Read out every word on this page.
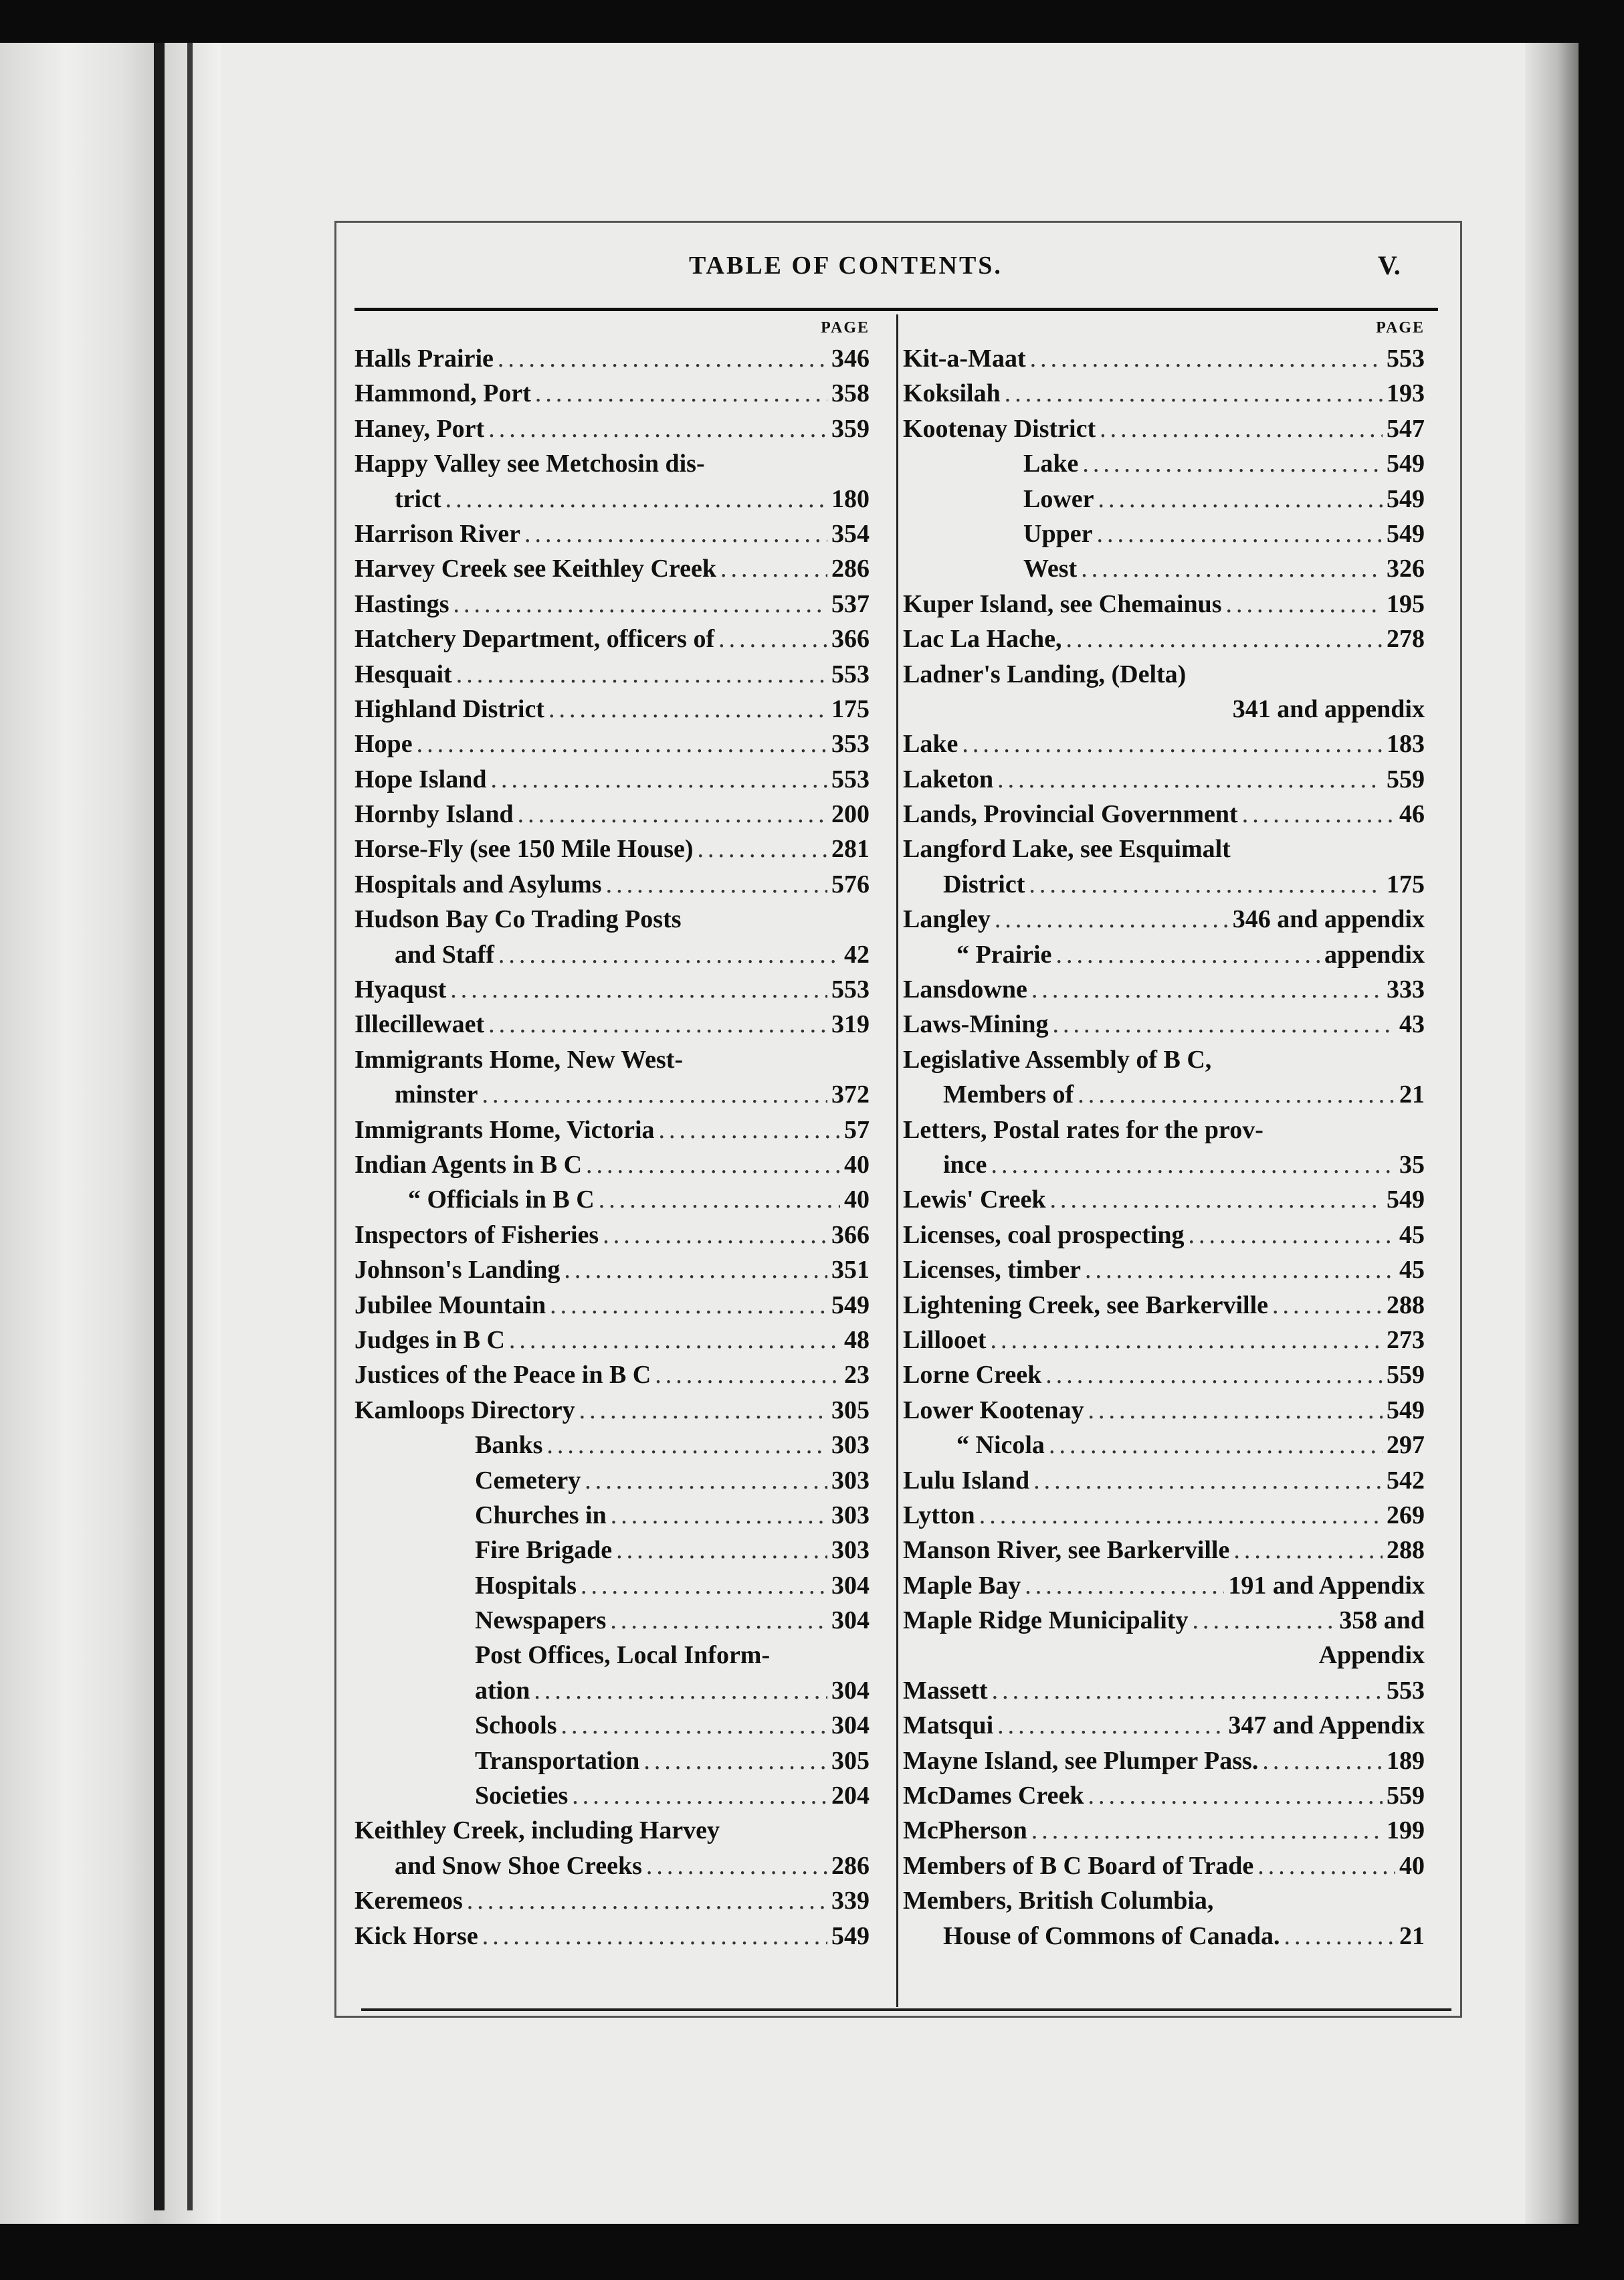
TABLE OF CONTENTS.	V.
PAGE
Halls Prairie .....	346
Hammond, Port .....	358
Haney, Port .....	359
Happy Valley see Metchosin dis-
trict .....	180
Harrison River .....	354
Harvey Creek see Keithley Creek .....	286
Hastings .....	537
Hatchery Department, officers of .....	366
Hesquait .....	553
Highland District .....	175
Hope .....	353
Hope Island .....	553
Hornby Island .....	200
Horse-Fly (see 150 Mile House) .....	281
Hospitals and Asylums .....	576
Hudson Bay Co Trading Posts
and Staff .....	42
Hyaqust .....	553
Illecillewaet .....	319
Immigrants Home, New West-
minster .....	372
Immigrants Home, Victoria .....	57
Indian Agents in B C .....	40
“ Officials in B C .....	40
Inspectors of Fisheries .....	366
Johnson's Landing .....	351
Jubilee Mountain .....	549
Judges in B C .....	48
Justices of the Peace in B C .....	23
Kamloops Directory .....	305
Banks .....	303
Cemetery .....	303
Churches in .....	303
Fire Brigade .....	303
Hospitals .....	304
Newspapers .....	304
Post Offices, Local Inform-
ation .....	304
Schools .....	304
Transportation .....	305
Societies .....	204
Keithley Creek, including Harvey
and Snow Shoe Creeks .....	286
Keremeos .....	339
Kick Horse .....	549
PAGE
Kit-a-Maat .....	553
Koksilah .....	193
Kootenay District .....	547
Lake .....	549
Lower .....	549
Upper .....	549
West .....	326
Kuper Island, see Chemainus .....	195
Lac La Hache, .....	278
Ladner's Landing, (Delta)
341 and appendix
Lake .....	183
Laketon .....	559
Lands, Provincial Government .....	46
Langford Lake, see Esquimalt
District .....	175
Langley .....	346 and appendix
“ Prairie .....	appendix
Lansdowne .....	333
Laws-Mining .....	43
Legislative Assembly of B C,
Members of .....	21
Letters, Postal rates for the prov-
ince .....	35
Lewis' Creek .....	549
Licenses, coal prospecting .....	45
Licenses, timber .....	45
Lightening Creek, see Barkerville .....	288
Lillooet .....	273
Lorne Creek .....	559
Lower Kootenay .....	549
“ Nicola .....	297
Lulu Island .....	542
Lytton .....	269
Manson River, see Barkerville .....	288
Maple Bay .....	191 and Appendix
Maple Ridge Municipality .....	358 and
Appendix
Massett .....	553
Matsqui .....	347 and Appendix
Mayne Island, see Plumper Pass. .....	189
McDames Creek .....	559
McPherson .....	199
Members of B C Board of Trade .....	40
Members, British Columbia,
House of Commons of Canada. .....	21
